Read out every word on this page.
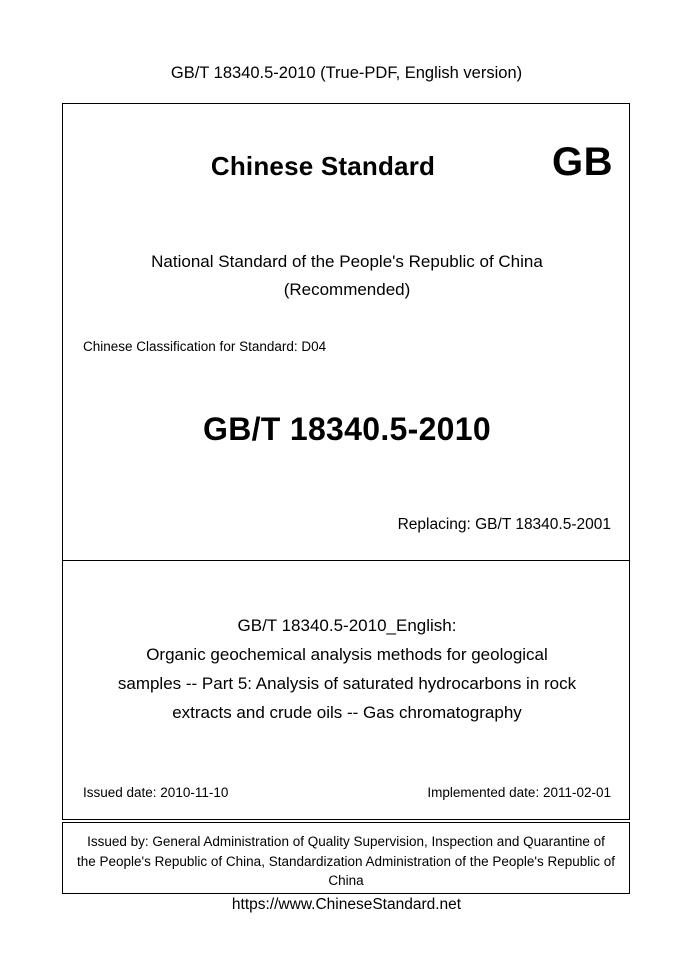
GB/T 18340.5-2010 (True-PDF, English version)
Chinese Standard	GB
National Standard of the People's Republic of China
(Recommended)
Chinese Classification for Standard: D04
GB/T 18340.5-2010
Replacing: GB/T 18340.5-2001
GB/T 18340.5-2010_English:
Organic geochemical analysis methods for geological
samples -- Part 5: Analysis of saturated hydrocarbons in rock
extracts and crude oils -- Gas chromatography
Issued date: 2010-11-10	Implemented date: 2011-02-01
Issued by: General Administration of Quality Supervision, Inspection and Quarantine of
the People's Republic of China, Standardization Administration of the People's Republic of
China
https://www.ChineseStandard.net
